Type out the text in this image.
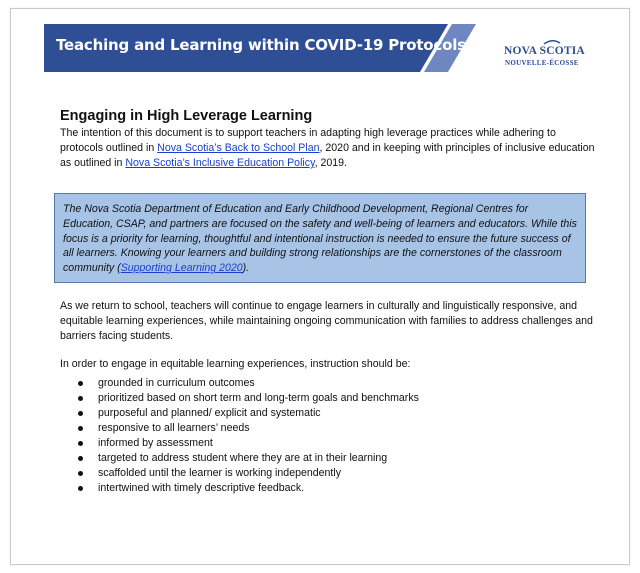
Teaching and Learning within COVID-19 Protocols, P-12
NOVA SCOTIA
NOUVELLE-ÉCOSSE
Engaging in High Leverage Learning

The intention of this document is to support teachers in adapting high leverage practices while adhering to protocols outlined in Nova Scotia’s Back to School Plan, 2020 and in keeping with principles of inclusive education as outlined in Nova Scotia’s Inclusive Education Policy, 2019.

The Nova Scotia Department of Education and Early Childhood Development, Regional Centres for Education, CSAP, and partners are focused on the safety and well-being of learners and educators. While this focus is a priority for learning, thoughtful and intentional instruction is needed to ensure the future success of all learners. Knowing your learners and building strong relationships are the cornerstones of the classroom community (Supporting Learning 2020).

As we return to school, teachers will continue to engage learners in culturally and linguistically responsive, and equitable learning experiences, while maintaining ongoing communication with families to address challenges and barriers facing students.

In order to engage in equitable learning experiences, instruction should be:

grounded in curriculum outcomes
prioritized based on short term and long-term goals and benchmarks
purposeful and planned/ explicit and systematic
responsive to all learners’ needs
informed by assessment
targeted to address student where they are at in their learning
scaffolded until the learner is working independently
intertwined with timely descriptive feedback.
